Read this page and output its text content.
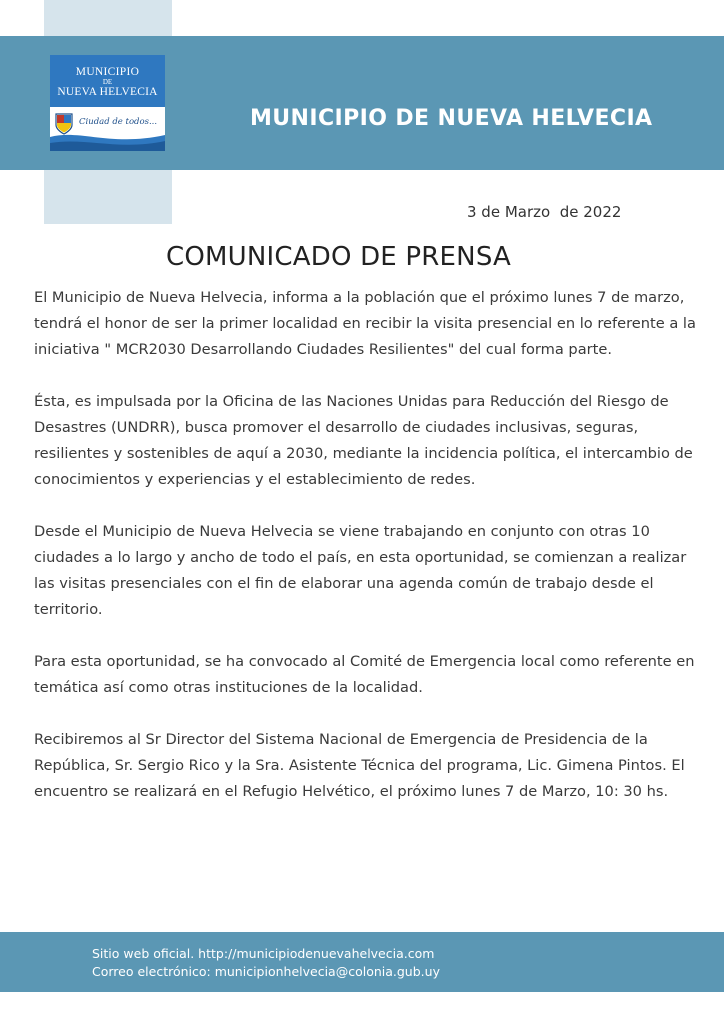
MUNICIPIO
DE
NUEVA HELVECIA
Ciudad de todos...	MUNICIPIO DE NUEVA HELVECIA
3 de Marzo  de 2022
COMUNICADO DE PRENSA

El Municipio de Nueva Helvecia, informa a la población que el próximo lunes 7 de marzo, tendrá el honor de ser la primer localidad en recibir la visita presencial en lo referente a la iniciativa " MCR2030 Desarrollando Ciudades Resilientes" del cual forma parte.

Ésta, es impulsada por la Oficina de las Naciones Unidas para Reducción del Riesgo de Desastres (UNDRR), busca promover el desarrollo de ciudades inclusivas, seguras, resilientes y sostenibles de aquí a 2030, mediante la incidencia política, el intercambio de conocimientos y experiencias y el establecimiento de redes.

Desde el Municipio de Nueva Helvecia se viene trabajando en conjunto con otras 10 ciudades a lo largo y ancho de todo el país, en esta oportunidad, se comienzan a realizar las visitas presenciales con el fin de elaborar una agenda común de trabajo desde el territorio.

Para esta oportunidad, se ha convocado al Comité de Emergencia local como referente en temática así como otras instituciones de la localidad.

Recibiremos al Sr Director del Sistema Nacional de Emergencia de Presidencia de la República, Sr. Sergio Rico y la Sra. Asistente Técnica del programa, Lic. Gimena Pintos. El encuentro se realizará en el Refugio Helvético, el próximo lunes 7 de Marzo, 10: 30 hs.

Sitio web oficial. http://municipiodenuevahelvecia.com
Correo electrónico: municipionhelvecia@colonia.gub.uy
